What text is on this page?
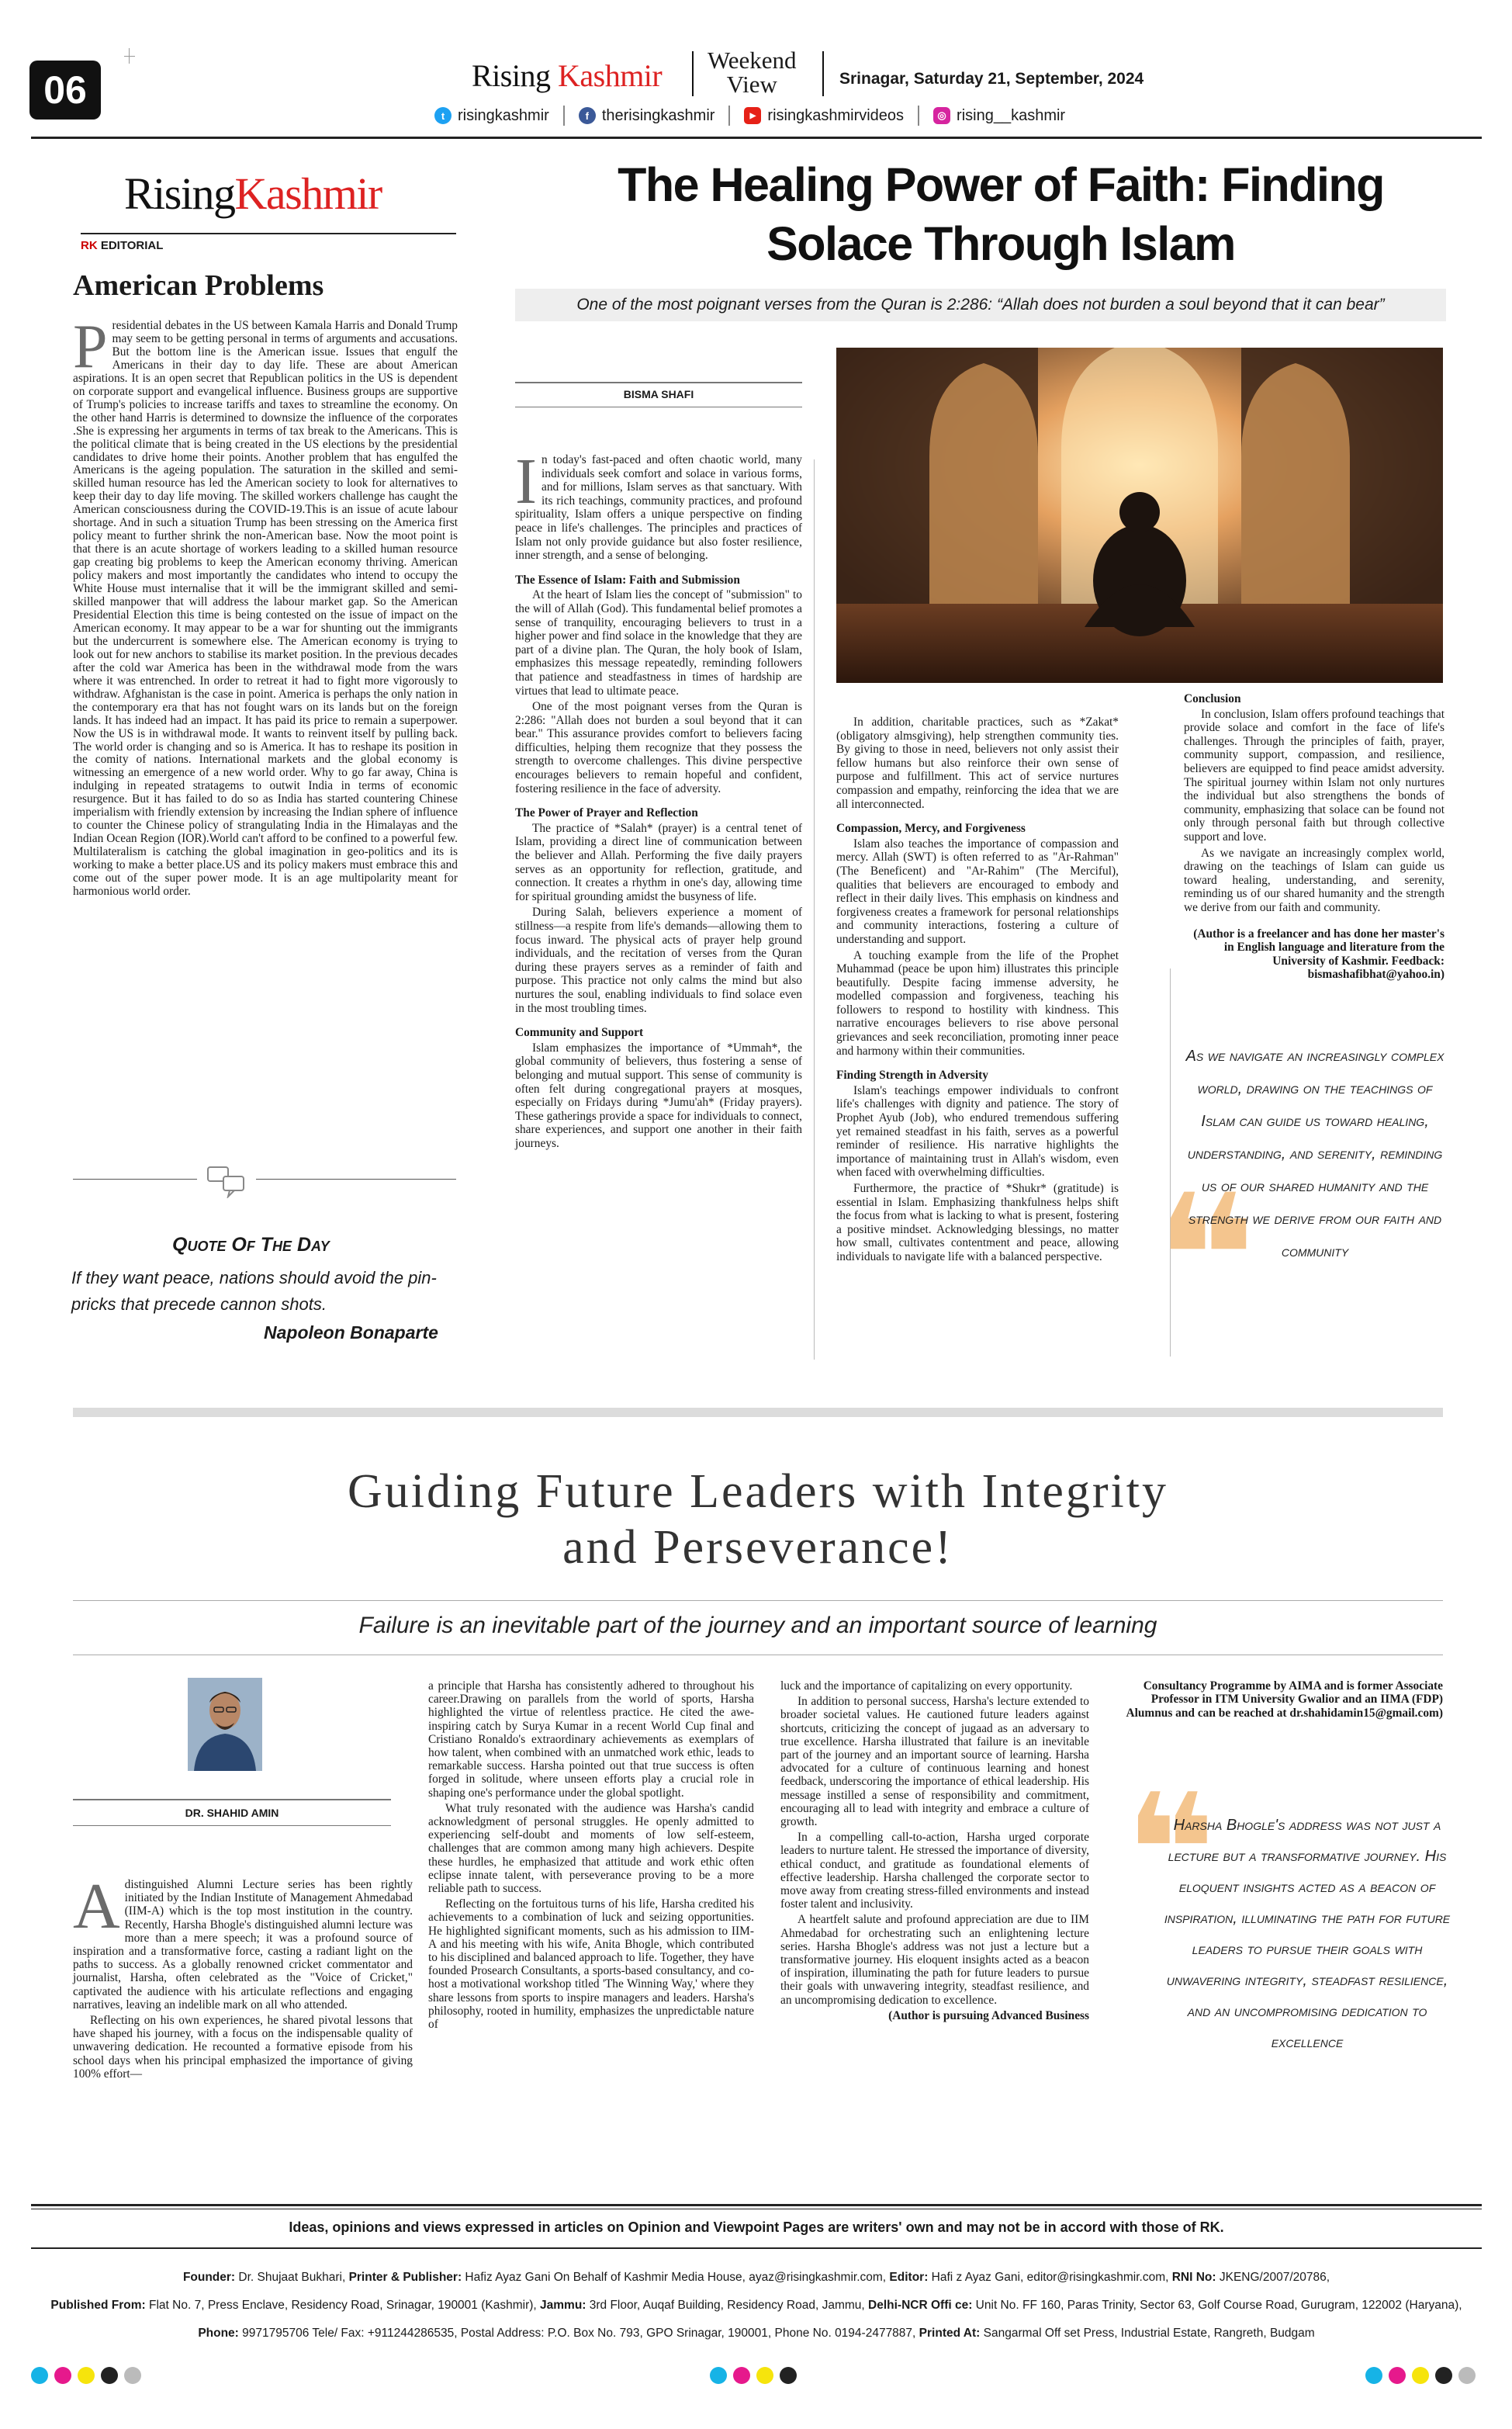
06	Rising Kashmir Weekend
View	Srinagar, Saturday 21, September, 2024
t risingkashmir	f therisingkashmir	▶ risingkashmirvideos	◎ rising__kashmir
RisingKashmir
RK EDITORIAL
American Problems
Presidential debates in the US between Kamala Harris and Donald Trump may seem to be getting personal in terms of arguments and accusations. But the bottom line is the American issue. Issues that engulf the Americans in their day to day life. These are about American aspirations. It is an open secret that Republican politics in the US is dependent on corporate support and evangelical influence. Business groups are supportive of Trump's policies to increase tariffs and taxes to streamline the economy. On the other hand Harris is determined to downsize the influence of the corporates .She is expressing her arguments in terms of tax break to the Americans. This is the political climate that is being created in the US elections by the presidential candidates to drive home their points. Another problem that has engulfed the Americans is the ageing population. The saturation in the skilled and semi-skilled human resource has led the American society to look for alternatives to keep their day to day life moving. The skilled workers challenge has caught the American consciousness during the COVID-19.This is an issue of acute labour shortage. And in such a situation Trump has been stressing on the America first policy meant to further shrink the non-American base. Now the moot point is that there is an acute shortage of workers leading to a skilled human resource gap creating big problems to keep the American economy thriving. American policy makers and most importantly the candidates who intend to occupy the White House must internalise that it will be the immigrant skilled and semi-skilled manpower that will address the labour market gap. So the American Presidential Election this time is being contested on the issue of impact on the American economy. It may appear to be a war for shunting out the immigrants but the undercurrent is somewhere else. The American economy is trying to look out for new anchors to stabilise its market position. In the previous decades after the cold war America has been in the withdrawal mode from the wars where it was entrenched. In order to retreat it had to fight more vigorously to withdraw. Afghanistan is the case in point. America is perhaps the only nation in the contemporary era that has not fought wars on its lands but on the foreign lands. It has indeed had an impact. It has paid its price to remain a superpower. Now the US is in withdrawal mode. It wants to reinvent itself by pulling back. The world order is changing and so is America. It has to reshape its position in the comity of nations. International markets and the global economy is witnessing an emergence of a new world order. Why to go far away, China is indulging in repeated stratagems to outwit India in terms of economic resurgence. But it has failed to do so as India has started countering Chinese imperialism with friendly extension by increasing the Indian sphere of influence to counter the Chinese policy of strangulating India in the Himalayas and the Indian Ocean Region (IOR).World can't afford to be confined to a powerful few. Multilateralism is catching the global imagination in geo-politics and its is working to make a better place.US and its policy makers must embrace this and come out of the super power mode. It is an age multipolarity meant for harmonious world order.
Quote Of The Day
If they want peace, nations should avoid the pin-pricks that precede cannon shots.
Napoleon Bonaparte
The Healing Power of Faith: Finding Solace Through Islam
One of the most poignant verses from the Quran is 2:286: “Allah does not burden a soul beyond that it can bear”
BISMA SHAFI

In today's fast-paced and often chaotic world, many individuals seek comfort and solace in various forms, and for millions, Islam serves as that sanctuary. With its rich teachings, community practices, and profound spirituality, Islam offers a unique perspective on finding peace in life's challenges. The principles and practices of Islam not only provide guidance but also foster resilience, inner strength, and a sense of belonging.

The Essence of Islam: Faith and Submission

At the heart of Islam lies the concept of "submission" to the will of Allah (God). This fundamental belief promotes a sense of tranquility, encouraging believers to trust in a higher power and find solace in the knowledge that they are part of a divine plan. The Quran, the holy book of Islam, emphasizes this message repeatedly, reminding followers that patience and steadfastness in times of hardship are virtues that lead to ultimate peace.

One of the most poignant verses from the Quran is 2:286: "Allah does not burden a soul beyond that it can bear." This assurance provides comfort to believers facing difficulties, helping them recognize that they possess the strength to overcome challenges. This divine perspective encourages believers to remain hopeful and confident, fostering resilience in the face of adversity.

The Power of Prayer and Reflection

The practice of *Salah* (prayer) is a central tenet of Islam, providing a direct line of communication between the believer and Allah. Performing the five daily prayers serves as an opportunity for reflection, gratitude, and connection. It creates a rhythm in one's day, allowing time for spiritual grounding amidst the busyness of life.

During Salah, believers experience a moment of stillness—a respite from life's demands—allowing them to focus inward. The physical acts of prayer help ground individuals, and the recitation of verses from the Quran during these prayers serves as a reminder of faith and purpose. This practice not only calms the mind but also nurtures the soul, enabling individuals to find solace even in the most troubling times.

Community and Support

Islam emphasizes the importance of *Ummah*, the global community of believers, thus fostering a sense of belonging and mutual support. This sense of community is often felt during congregational prayers at mosques, especially on Fridays during *Jumu'ah* (Friday prayers). These gatherings provide a space for individuals to connect, share experiences, and support one another in their faith journeys.

In addition, charitable practices, such as *Zakat* (obligatory almsgiving), help strengthen community ties. By giving to those in need, believers not only assist their fellow humans but also reinforce their own sense of purpose and fulfillment. This act of service nurtures compassion and empathy, reinforcing the idea that we are all interconnected.

Compassion, Mercy, and Forgiveness

Islam also teaches the importance of compassion and mercy. Allah (SWT) is often referred to as "Ar-Rahman" (The Beneficent) and "Ar-Rahim" (The Merciful), qualities that believers are encouraged to embody and reflect in their daily lives. This emphasis on kindness and forgiveness creates a framework for personal relationships and community interactions, fostering a culture of understanding and support.

A touching example from the life of the Prophet Muhammad (peace be upon him) illustrates this principle beautifully. Despite facing immense adversity, he modelled compassion and forgiveness, teaching his followers to respond to hostility with kindness. This narrative encourages believers to rise above personal grievances and seek reconciliation, promoting inner peace and harmony within their communities.

Finding Strength in Adversity

Islam's teachings empower individuals to confront life's challenges with dignity and patience. The story of Prophet Ayub (Job), who endured tremendous suffering yet remained steadfast in his faith, serves as a powerful reminder of resilience. His narrative highlights the importance of maintaining trust in Allah's wisdom, even when faced with overwhelming difficulties.

Furthermore, the practice of *Shukr* (gratitude) is essential in Islam. Emphasizing thankfulness helps shift the focus from what is lacking to what is present, fostering a positive mindset. Acknowledging blessings, no matter how small, cultivates contentment and peace, allowing individuals to navigate life with a balanced perspective.

Conclusion

In conclusion, Islam offers profound teachings that provide solace and comfort in the face of life's challenges. Through the principles of faith, prayer, community support, compassion, and resilience, believers are equipped to find peace amidst adversity. The spiritual journey within Islam not only nurtures the individual but also strengthens the bonds of community, emphasizing that solace can be found not only through personal faith but through collective support and love.

As we navigate an increasingly complex world, drawing on the teachings of Islam can guide us toward healing, understanding, and serenity, reminding us of our shared humanity and the strength we derive from our faith and community.

(Author is a freelancer and has done her master's in English language and literature from the University of Kashmir. Feedback: bismashafibhat@yahoo.in)

❝
As we navigate an increasingly complex world, drawing on the teachings of Islam can guide us toward healing, understanding, and serenity, reminding us of our shared humanity and the strength we derive from our faith and community
Guiding Future Leaders with Integrity
and Perseverance!
Failure is an inevitable part of the journey and an important source of learning
DR. SHAHID AMIN

Adistinguished Alumni Lecture series has been rightly initiated by the Indian Institute of Management Ahmedabad (IIM-A) which is the top most institution in the country. Recently, Harsha Bhogle's distinguished alumni lecture was more than a mere speech; it was a profound source of inspiration and a transformative force, casting a radiant light on the paths to success. As a globally renowned cricket commentator and journalist, Harsha, often celebrated as the "Voice of Cricket," captivated the audience with his articulate reflections and engaging narratives, leaving an indelible mark on all who attended.

Reflecting on his own experiences, he shared pivotal lessons that have shaped his journey, with a focus on the indispensable quality of unwavering dedication. He recounted a formative episode from his school days when his principal emphasized the importance of giving 100% effort—

a principle that Harsha has consistently adhered to throughout his career.Drawing on parallels from the world of sports, Harsha highlighted the virtue of relentless practice. He cited the awe-inspiring catch by Surya Kumar in a recent World Cup final and Cristiano Ronaldo's extraordinary achievements as exemplars of how talent, when combined with an unmatched work ethic, leads to remarkable success. Harsha pointed out that true success is often forged in solitude, where unseen efforts play a crucial role in shaping one's performance under the global spotlight.

What truly resonated with the audience was Harsha's candid acknowledgment of personal struggles. He openly admitted to experiencing self-doubt and moments of low self-esteem, challenges that are common among many high achievers. Despite these hurdles, he emphasized that attitude and work ethic often eclipse innate talent, with perseverance proving to be a more reliable path to success.

Reflecting on the fortuitous turns of his life, Harsha credited his achievements to a combination of luck and seizing opportunities. He highlighted significant moments, such as his admission to IIM-A and his meeting with his wife, Anita Bhogle, which contributed to his disciplined and balanced approach to life. Together, they have founded Prosearch Consultants, a sports-based consultancy, and co-host a motivational workshop titled 'The Winning Way,' where they share lessons from sports to inspire managers and leaders. Harsha's philosophy, rooted in humility, emphasizes the unpredictable nature of

luck and the importance of capitalizing on every opportunity.

In addition to personal success, Harsha's lecture extended to broader societal values. He cautioned future leaders against shortcuts, criticizing the concept of jugaad as an adversary to true excellence. Harsha illustrated that failure is an inevitable part of the journey and an important source of learning. Harsha advocated for a culture of continuous learning and honest feedback, underscoring the importance of ethical leadership. His message instilled a sense of responsibility and commitment, encouraging all to lead with integrity and embrace a culture of growth.

In a compelling call-to-action, Harsha urged corporate leaders to nurture talent. He stressed the importance of diversity, ethical conduct, and gratitude as foundational elements of effective leadership. Harsha challenged the corporate sector to move away from creating stress-filled environments and instead foster talent and inclusivity.

A heartfelt salute and profound appreciation are due to IIM Ahmedabad for orchestrating such an enlightening lecture series. Harsha Bhogle's address was not just a lecture but a transformative journey. His eloquent insights acted as a beacon of inspiration, illuminating the path for future leaders to pursue their goals with unwavering integrity, steadfast resilience, and an uncompromising dedication to excellence.

(Author is pursuing Advanced Business

Consultancy Programme by AIMA and is former Associate Professor in ITM University Gwalior and an IIMA (FDP) Alumnus and can be reached at dr.shahidamin15@gmail.com)
❝
Harsha Bhogle's address was not just a lecture but a transformative journey. His eloquent insights acted as a beacon of inspiration, illuminating the path for future leaders to pursue their goals with unwavering integrity, steadfast resilience, and an uncompromising dedication to excellence
Ideas, opinions and views expressed in articles on Opinion and Viewpoint Pages are writers' own and may not be in accord with those of RK.
Founder: Dr. Shujaat Bukhari, Printer & Publisher: Hafiz Ayaz Gani On Behalf of Kashmir Media House, ayaz@risingkashmir.com, Editor: Hafi z Ayaz Gani, editor@risingkashmir.com, RNI No: JKENG/2007/20786,
Published From: Flat No. 7, Press Enclave, Residency Road, Srinagar, 190001 (Kashmir), Jammu: 3rd Floor, Auqaf Building, Residency Road, Jammu, Delhi-NCR Offi ce: Unit No. FF 160, Paras Trinity, Sector 63, Golf Course Road, Gurugram, 122002 (Haryana),
Phone: 9971795706 Tele/ Fax: +911244286535, Postal Address: P.O. Box No. 793, GPO Srinagar, 190001, Phone No. 0194-2477887, Printed At: Sangarmal Off set Press, Industrial Estate, Rangreth, Budgam
